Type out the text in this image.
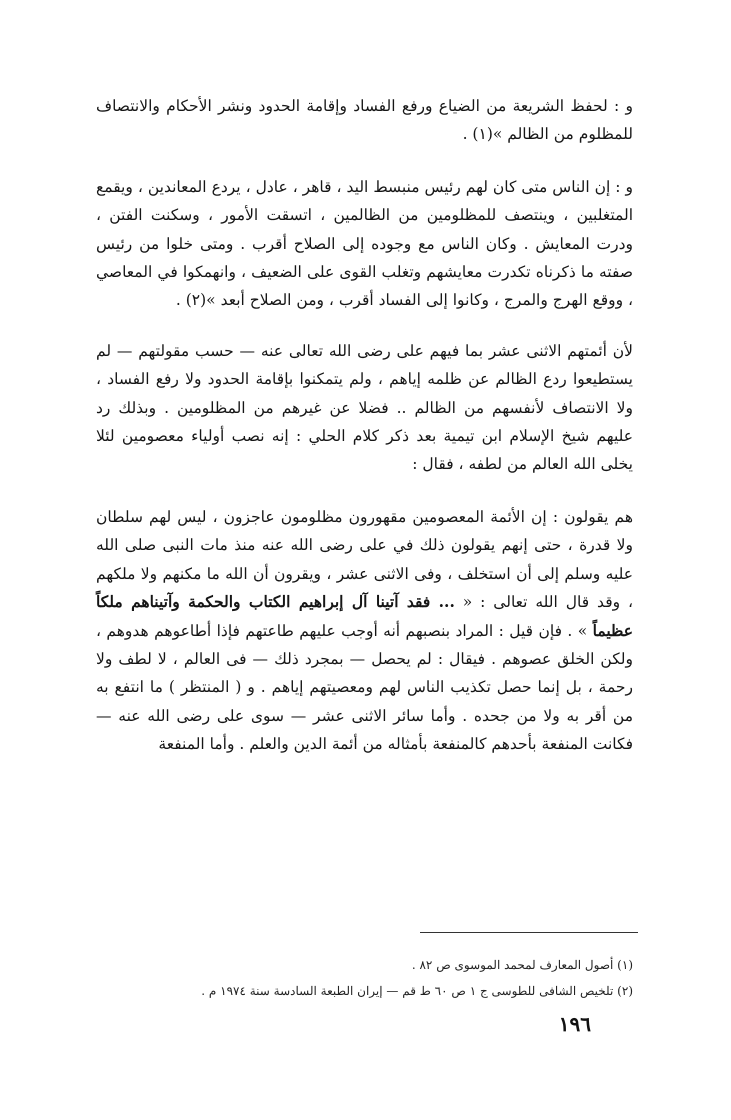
و : لحفظ الشريعة من الضياع ورفع الفساد وإقامة الحدود ونشر الأحكام والانتصاف للمظلوم من الظالم »(١) .

و : إن الناس متى كان لهم رئيس منبسط اليد ، قاهر ، عادل ، يردع المعاندين ، ويقمع المتغلبين ، وينتصف للمظلومين من الظالمين ، اتسقت الأمور ، وسكنت الفتن ، ودرت المعايش . وكان الناس مع وجوده إلى الصلاح أقرب . ومتى خلوا من رئيس صفته ما ذكرناه تكدرت معايشهم وتغلب القوى على الضعيف ، وانهمكوا في المعاصي ، ووقع الهرج والمرج ، وكانوا إلى الفساد أقرب ، ومن الصلاح أبعد »(٢) .

لأن أئمتهم الاثنى عشر بما فيهم على رضى الله تعالى عنه — حسب مقولتهم — لم يستطيعوا ردع الظالم عن ظلمه إياهم ، ولم يتمكنوا بإقامة الحدود ولا رفع الفساد ، ولا الانتصاف لأنفسهم من الظالم .. فضلا عن غيرهم من المظلومين . وبذلك رد عليهم شيخ الإسلام ابن تيمية بعد ذكر كلام الحلي : إنه نصب أولياء معصومين لئلا يخلى الله العالم من لطفه ، فقال :

هم يقولون : إن الأئمة المعصومين مقهورون مظلومون عاجزون ، ليس لهم سلطان ولا قدرة ، حتى إنهم يقولون ذلك في على رضى الله عنه منذ مات النبى صلى الله عليه وسلم إلى أن استخلف ، وفى الاثنى عشر ، ويقرون أن الله ما مكنهم ولا ملكهم ، وقد قال الله تعالى : « ... فقد آتينا آل إبراهيم الكتاب والحكمة وآتيناهم ملكاً عظيماً » . فإن قيل : المراد بنصبهم أنه أوجب عليهم طاعتهم فإذا أطاعوهم هدوهم ، ولكن الخلق عصوهم . فيقال : لم يحصل — بمجرد ذلك — فى العالم ، لا لطف ولا رحمة ، بل إنما حصل تكذيب الناس لهم ومعصيتهم إياهم . و ( المنتظر ) ما انتفع به من أقر به ولا من جحده . وأما سائر الاثنى عشر — سوى على رضى الله عنه — فكانت المنفعة بأحدهم كالمنفعة بأمثاله من أئمة الدين والعلم . وأما المنفعة

(١) أصول المعارف لمحمد الموسوى ص ٨٢ .

(٢) تلخيص الشافى للطوسى ج ١ ص ٦٠ ط قم — إيران الطبعة السادسة سنة ١٩٧٤ م .

١٩٦
